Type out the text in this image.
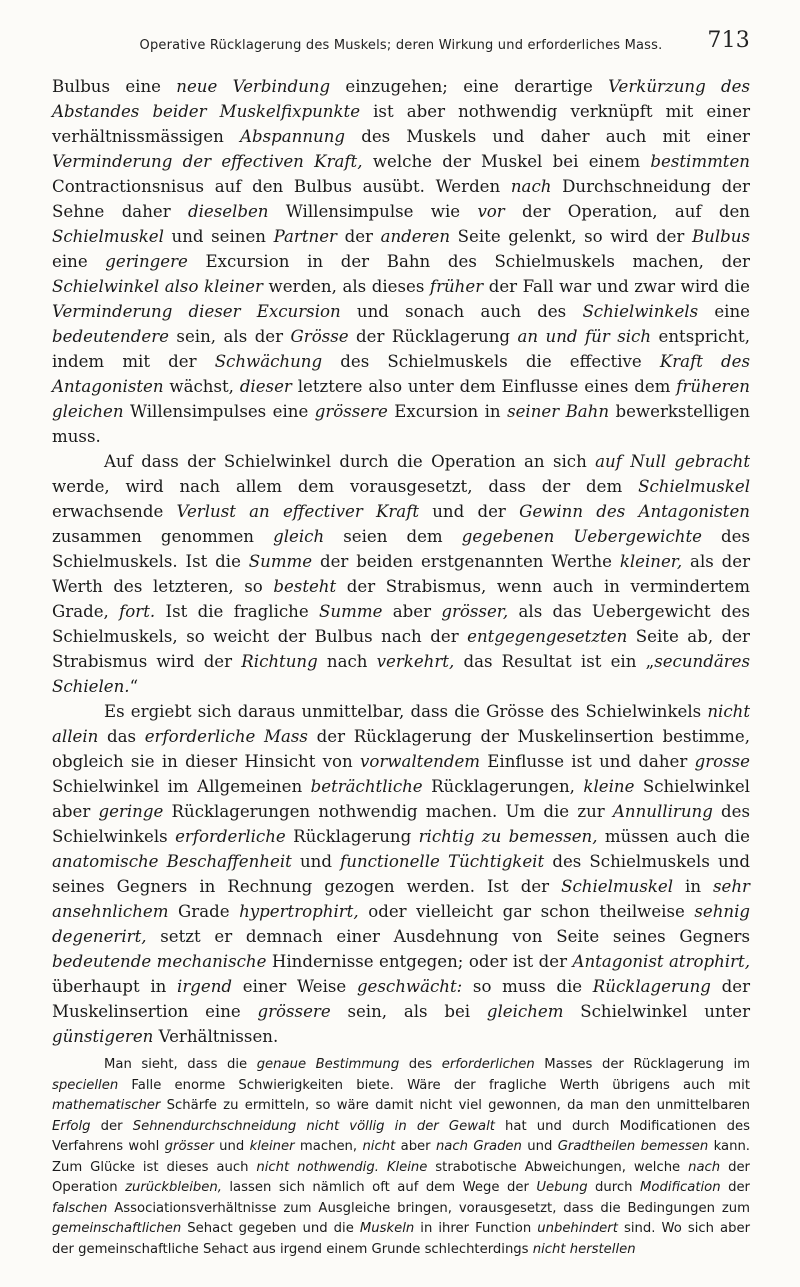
Operative Rücklagerung des Muskels; deren Wirkung und erforderliches Mass. 713

Bulbus eine neue Verbindung einzugehen; eine derartige Verkürzung des Abstandes beider Muskelfixpunkte ist aber nothwendig verknüpft mit einer verhältnissmässigen Abspannung des Muskels und daher auch mit einer Verminderung der effectiven Kraft, welche der Muskel bei einem bestimmten Contractionsnisus auf den Bulbus ausübt. Werden nach Durchschneidung der Sehne daher dieselben Willensimpulse wie vor der Operation, auf den Schielmuskel und seinen Partner der anderen Seite gelenkt, so wird der Bulbus eine geringere Excursion in der Bahn des Schielmuskels machen, der Schielwinkel also kleiner werden, als dieses früher der Fall war und zwar wird die Verminderung dieser Excursion und sonach auch des Schielwinkels eine bedeutendere sein, als der Grösse der Rücklagerung an und für sich entspricht, indem mit der Schwächung des Schielmuskels die effective Kraft des Antagonisten wächst, dieser letztere also unter dem Einflusse eines dem früheren gleichen Willensimpulses eine grössere Excursion in seiner Bahn bewerkstelligen muss.

Auf dass der Schielwinkel durch die Operation an sich auf Null gebracht werde, wird nach allem dem vorausgesetzt, dass der dem Schielmuskel erwachsende Verlust an effectiver Kraft und der Gewinn des Antagonisten zusammen genommen gleich seien dem gegebenen Uebergewichte des Schielmuskels. Ist die Summe der beiden erstgenannten Werthe kleiner, als der Werth des letzteren, so besteht der Strabismus, wenn auch in vermindertem Grade, fort. Ist die fragliche Summe aber grösser, als das Uebergewicht des Schielmuskels, so weicht der Bulbus nach der entgegengesetzten Seite ab, der Strabismus wird der Richtung nach verkehrt, das Resultat ist ein „secundäres Schielen.“

Es ergiebt sich daraus unmittelbar, dass die Grösse des Schielwinkels nicht allein das erforderliche Mass der Rücklagerung der Muskelinsertion bestimme, obgleich sie in dieser Hinsicht von vorwaltendem Einflusse ist und daher grosse Schielwinkel im Allgemeinen beträchtliche Rücklagerungen, kleine Schielwinkel aber geringe Rücklagerungen nothwendig machen. Um die zur Annullirung des Schielwinkels erforderliche Rücklagerung richtig zu bemessen, müssen auch die anatomische Beschaffenheit und functionelle Tüchtigkeit des Schielmuskels und seines Gegners in Rechnung gezogen werden. Ist der Schielmuskel in sehr ansehnlichem Grade hypertrophirt, oder vielleicht gar schon theilweise sehnig degenerirt, setzt er demnach einer Ausdehnung von Seite seines Gegners bedeutende mechanische Hindernisse entgegen; oder ist der Antagonist atrophirt, überhaupt in irgend einer Weise geschwächt: so muss die Rücklagerung der Muskelinsertion eine grössere sein, als bei gleichem Schielwinkel unter günstigeren Verhältnissen.

Man sieht, dass die genaue Bestimmung des erforderlichen Masses der Rücklagerung im speciellen Falle enorme Schwierigkeiten biete. Wäre der fragliche Werth übrigens auch mit mathematischer Schärfe zu ermitteln, so wäre damit nicht viel gewonnen, da man den unmittelbaren Erfolg der Sehnendurchschneidung nicht völlig in der Gewalt hat und durch Modificationen des Verfahrens wohl grösser und kleiner machen, nicht aber nach Graden und Gradtheilen bemessen kann. Zum Glücke ist dieses auch nicht nothwendig. Kleine strabotische Abweichungen, welche nach der Operation zurückbleiben, lassen sich nämlich oft auf dem Wege der Uebung durch Modification der falschen Associationsverhältnisse zum Ausgleiche bringen, vorausgesetzt, dass die Bedingungen zum gemeinschaftlichen Sehact gegeben und die Muskeln in ihrer Function unbehindert sind. Wo sich aber der gemeinschaftliche Sehact aus irgend einem Grunde schlechterdings nicht herstellen
